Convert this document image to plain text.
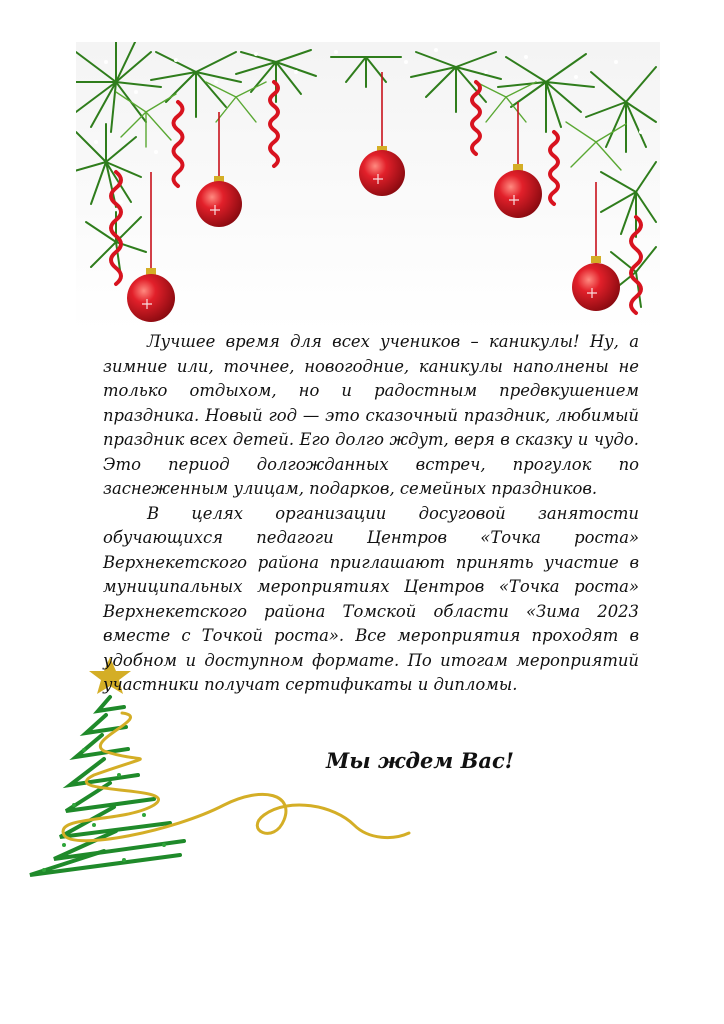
Лучшее время для всех учеников – каникулы! Ну, а зимние или, точнее, новогодние, каникулы наполнены не только отдыхом, но и радостным предвкушением праздника. Новый год — это сказочный праздник, любимый праздник всех детей. Его долго ждут, веря в сказку и чудо. Это период долгожданных встреч, прогулок по заснеженным улицам, подарков, семейных праздников.

В целях организации досуговой занятости обучающихся педагоги Центров «Точка роста» Верхнекетского района приглашают принять участие в муниципальных мероприятиях Центров «Точка роста» Верхнекетского района Томской области «Зима 2023 вместе с Точкой роста». Все мероприятия проходят в удобном и доступном формате. По итогам мероприятий участники получат сертификаты и дипломы.

Мы ждем Вас!
